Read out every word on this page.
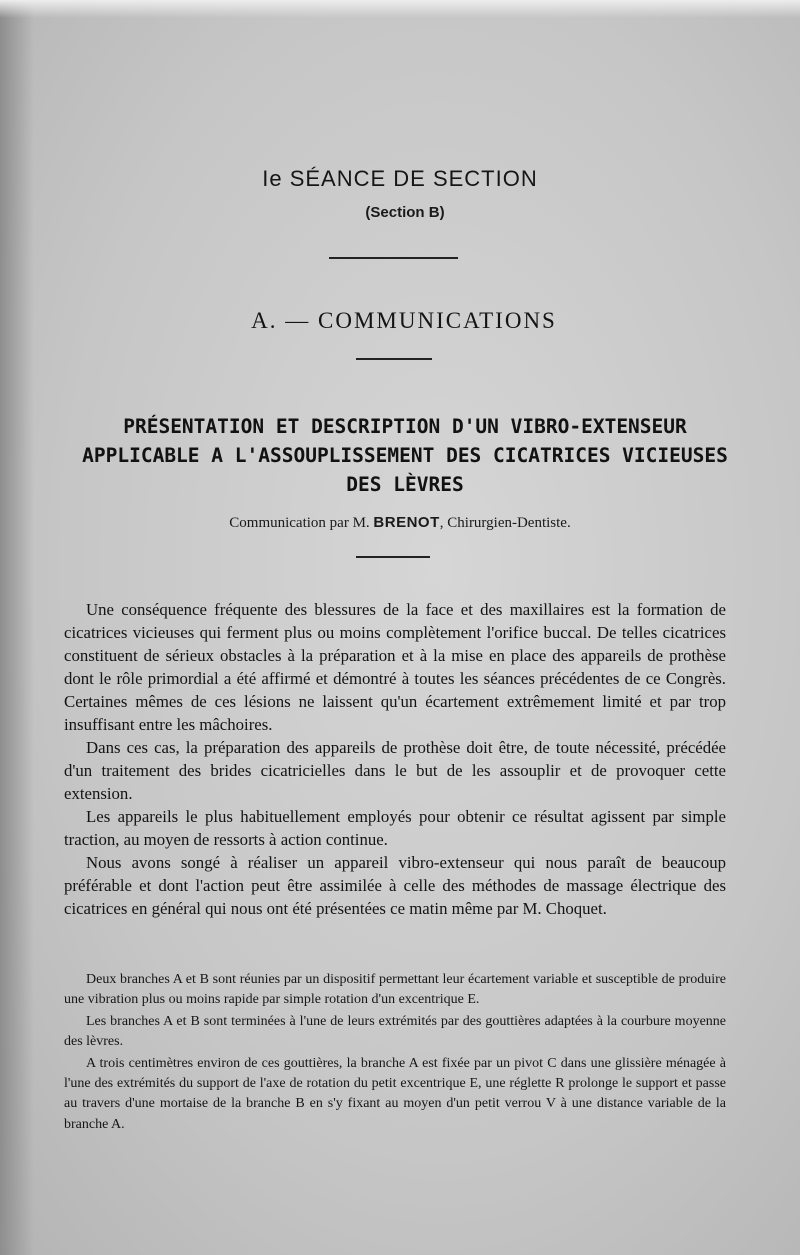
Ie SÉANCE DE SECTION
(Section B)
A. — COMMUNICATIONS
PRÉSENTATION ET DESCRIPTION D'UN VIBRO-EXTENSEUR
APPLICABLE A L'ASSOUPLISSEMENT DES CICATRICES VICIEUSES
DES LÈVRES
Communication par M. BRENOT, Chirurgien-Dentiste.

Une conséquence fréquente des blessures de la face et des maxillaires est la formation de cicatrices vicieuses qui ferment plus ou moins complètement l'orifice buccal. De telles cicatrices constituent de sérieux obstacles à la préparation et à la mise en place des appareils de prothèse dont le rôle primordial a été affirmé et démontré à toutes les séances précédentes de ce Congrès. Certaines mêmes de ces lésions ne laissent qu'un écartement extrêmement limité et par trop insuffisant entre les mâchoires.

Dans ces cas, la préparation des appareils de prothèse doit être, de toute nécessité, précédée d'un traitement des brides cicatricielles dans le but de les assouplir et de provoquer cette extension.

Les appareils le plus habituellement employés pour obtenir ce résultat agissent par simple traction, au moyen de ressorts à action continue.

Nous avons songé à réaliser un appareil vibro-extenseur qui nous paraît de beaucoup préférable et dont l'action peut être assimilée à celle des méthodes de massage électrique des cicatrices en général qui nous ont été présentées ce matin même par M. Choquet.

Deux branches A et B sont réunies par un dispositif permettant leur écartement variable et susceptible de produire une vibration plus ou moins rapide par simple rotation d'un excentrique E.

Les branches A et B sont terminées à l'une de leurs extrémités par des gouttières adaptées à la courbure moyenne des lèvres.

A trois centimètres environ de ces gouttières, la branche A est fixée par un pivot C dans une glissière ménagée à l'une des extrémités du support de l'axe de rotation du petit excentrique E, une réglette R prolonge le support et passe au travers d'une mortaise de la branche B en s'y fixant au moyen d'un petit verrou V à une distance variable de la branche A.
